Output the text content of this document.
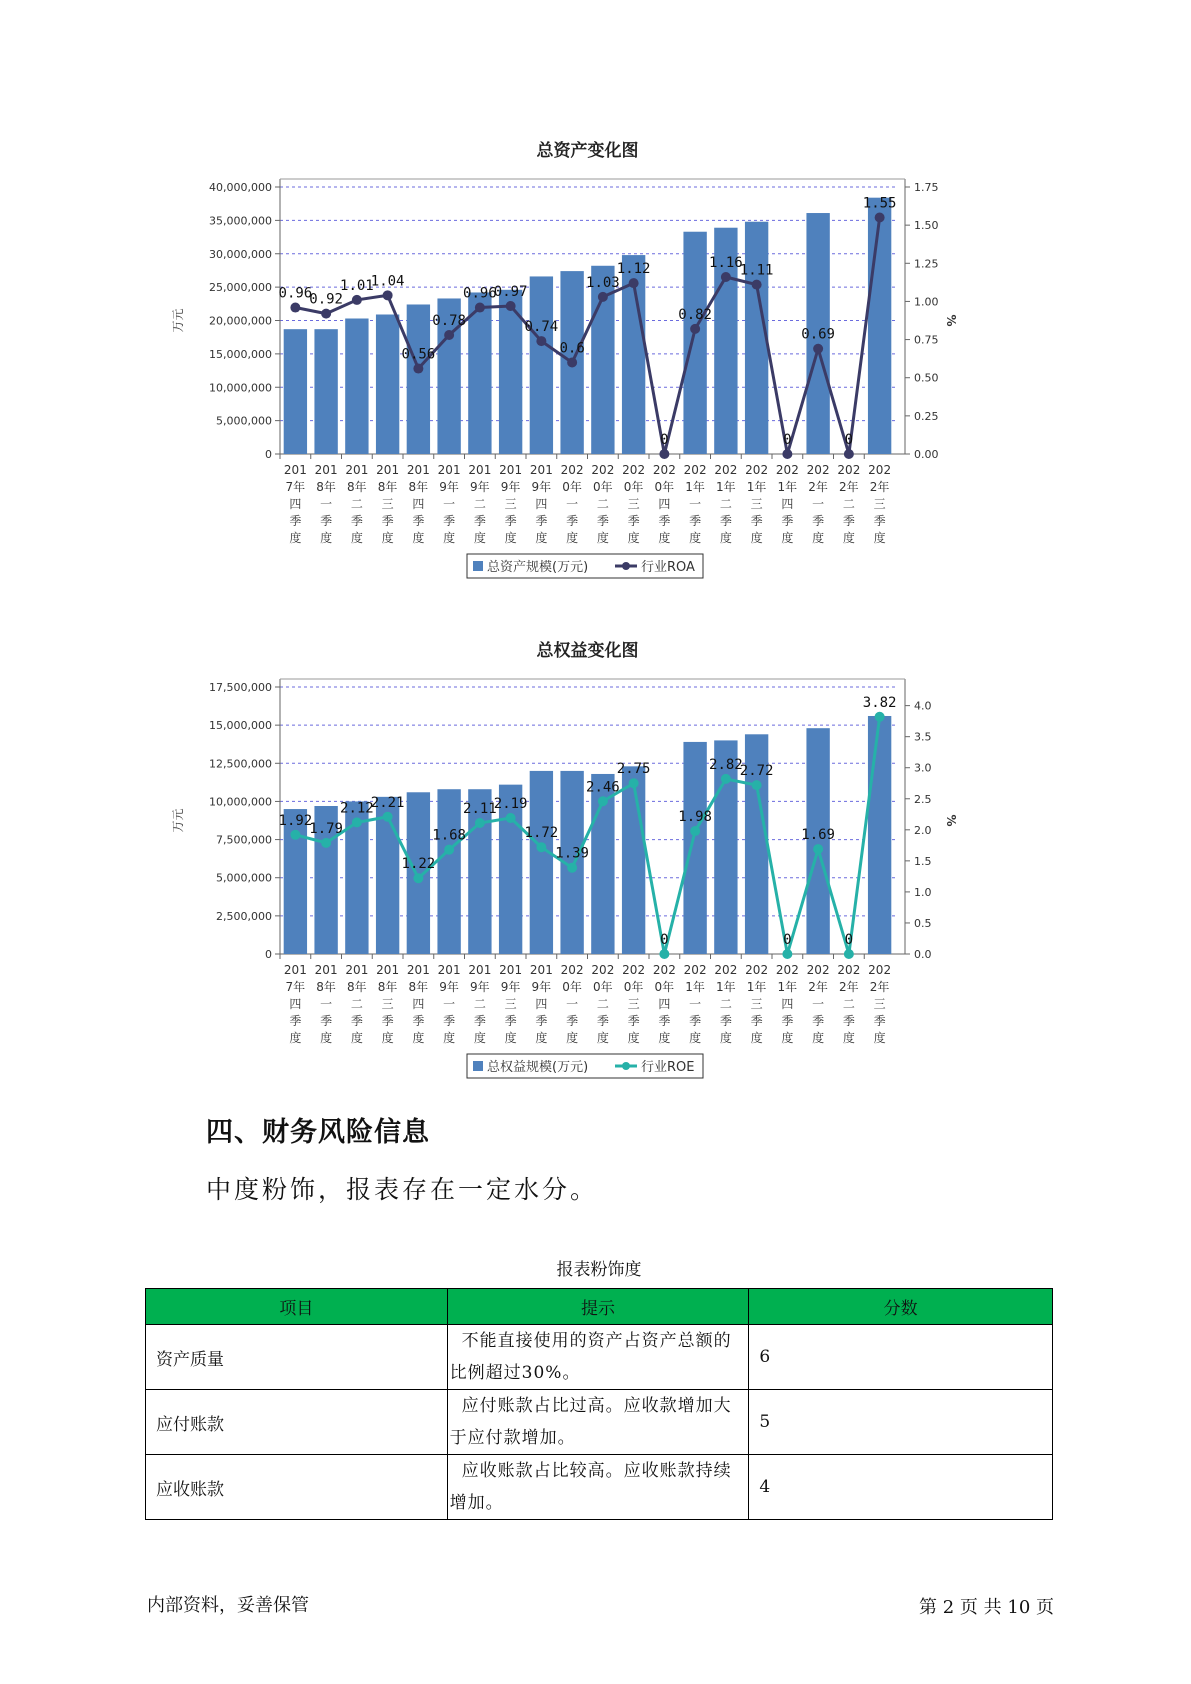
总资产变化图
0
5,000,000
10,000,000
15,000,000
20,000,000
25,000,000
30,000,000
35,000,000
40,000,000
0.00
0.25
0.50
0.75
1.00
1.25
1.50
1.75
万元	%
0.96
0.92
1.01
1.04
0.56
0.78
0.96
0.97
0.74
0.6
1.03
1.12
0
0.82
1.16
1.11
0
0.69
0
1.55
201
7年
四
季
度
201
8年
一
季
度
201
8年
二
季
度
201
8年
三
季
度
201
8年
四
季
度
201
9年
一
季
度
201
9年
二
季
度
201
9年
三
季
度
201
9年
四
季
度
202
0年
一
季
度
202
0年
二
季
度
202
0年
三
季
度
202
0年
四
季
度
202
1年
一
季
度
202
1年
二
季
度
202
1年
三
季
度
202
1年
四
季
度
202
2年
一
季
度
202
2年
二
季
度
202
2年
三
季
度
总资产规模(万元)	行业ROA
总权益变化图
0
2,500,000
5,000,000
7,500,000
10,000,000
12,500,000
15,000,000
17,500,000
0.0
0.5
1.0
1.5
2.0
2.5
3.0
3.5
4.0
万元	%
1.92
1.79
2.12
2.21
1.22
1.68
2.11
2.19
1.72
1.39
2.46
2.75
0
1.98
2.82
2.72
0
1.69
0
3.82
201
7年
四
季
度
201
8年
一
季
度
201
8年
二
季
度
201
8年
三
季
度
201
8年
四
季
度
201
9年
一
季
度
201
9年
二
季
度
201
9年
三
季
度
201
9年
四
季
度
202
0年
一
季
度
202
0年
二
季
度
202
0年
三
季
度
202
0年
四
季
度
202
1年
一
季
度
202
1年
二
季
度
202
1年
三
季
度
202
1年
四
季
度
202
2年
一
季
度
202
2年
二
季
度
202
2年
三
季
度
总权益规模(万元)	行业ROE
四、财务风险信息
中度粉饰，报表存在一定水分。
报表粉饰度
项目	提示	分数
资产质量	不能直接使用的资产占资产总额的比例超过30%。	6
应付账款	应付账款占比过高。应收款增加大于应付款增加。	5
应收账款	应收账款占比较高。应收账款持续增加。	4
内部资料，妥善保管	第 2 页 共 10 页
